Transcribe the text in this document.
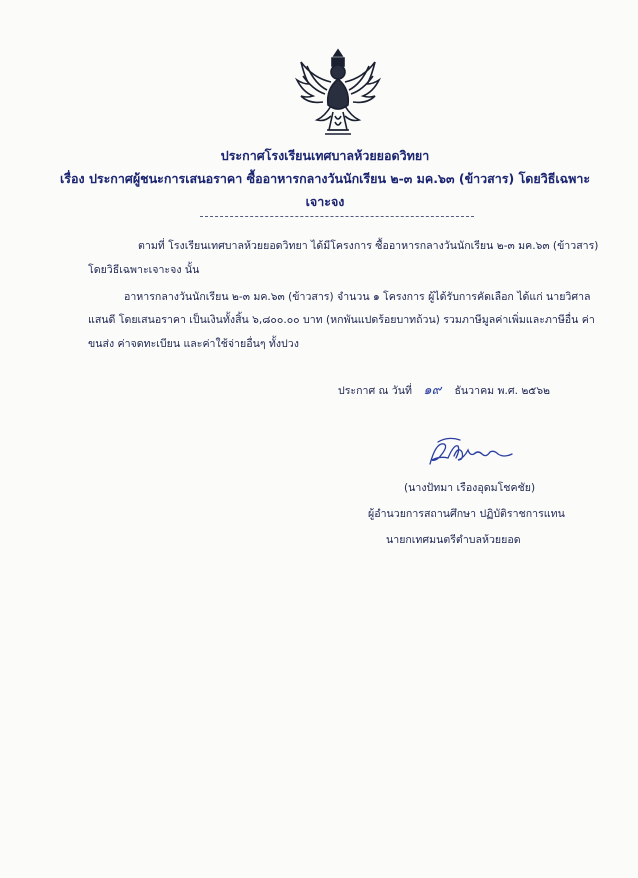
ประกาศโรงเรียนเทศบาลห้วยยอดวิทยา
เรื่อง ประกาศผู้ชนะการเสนอราคา ซื้ออาหารกลางวันนักเรียน ๒-๓ มค.๖๓ (ข้าวสาร) โดยวิธีเฉพาะ
เจาะจง
ตามที่ โรงเรียนเทศบาลห้วยยอดวิทยา ได้มีโครงการ ซื้ออาหารกลางวันนักเรียน ๒-๓ มค.๖๓ (ข้าวสาร)
โดยวิธีเฉพาะเจาะจง นั้น
อาหารกลางวันนักเรียน ๒-๓ มค.๖๓ (ข้าวสาร) จำนวน ๑ โครงการ ผู้ได้รับการคัดเลือก ได้แก่ นายวิศาล
แสนดี โดยเสนอราคา เป็นเงินทั้งสิ้น ๖,๘๐๐.๐๐ บาท (หกพันแปดร้อยบาทถ้วน) รวมภาษีมูลค่าเพิ่มและภาษีอื่น ค่า
ขนส่ง ค่าจดทะเบียน และค่าใช้จ่ายอื่นๆ ทั้งปวง
ประกาศ ณ วันที่ ๑๙ ธันวาคม พ.ศ. ๒๕๖๒
(นางปัทมา เรืองอุดมโชคชัย)
ผู้อำนวยการสถานศึกษา ปฏิบัติราชการแทน
นายกเทศมนตรีตำบลห้วยยอด
